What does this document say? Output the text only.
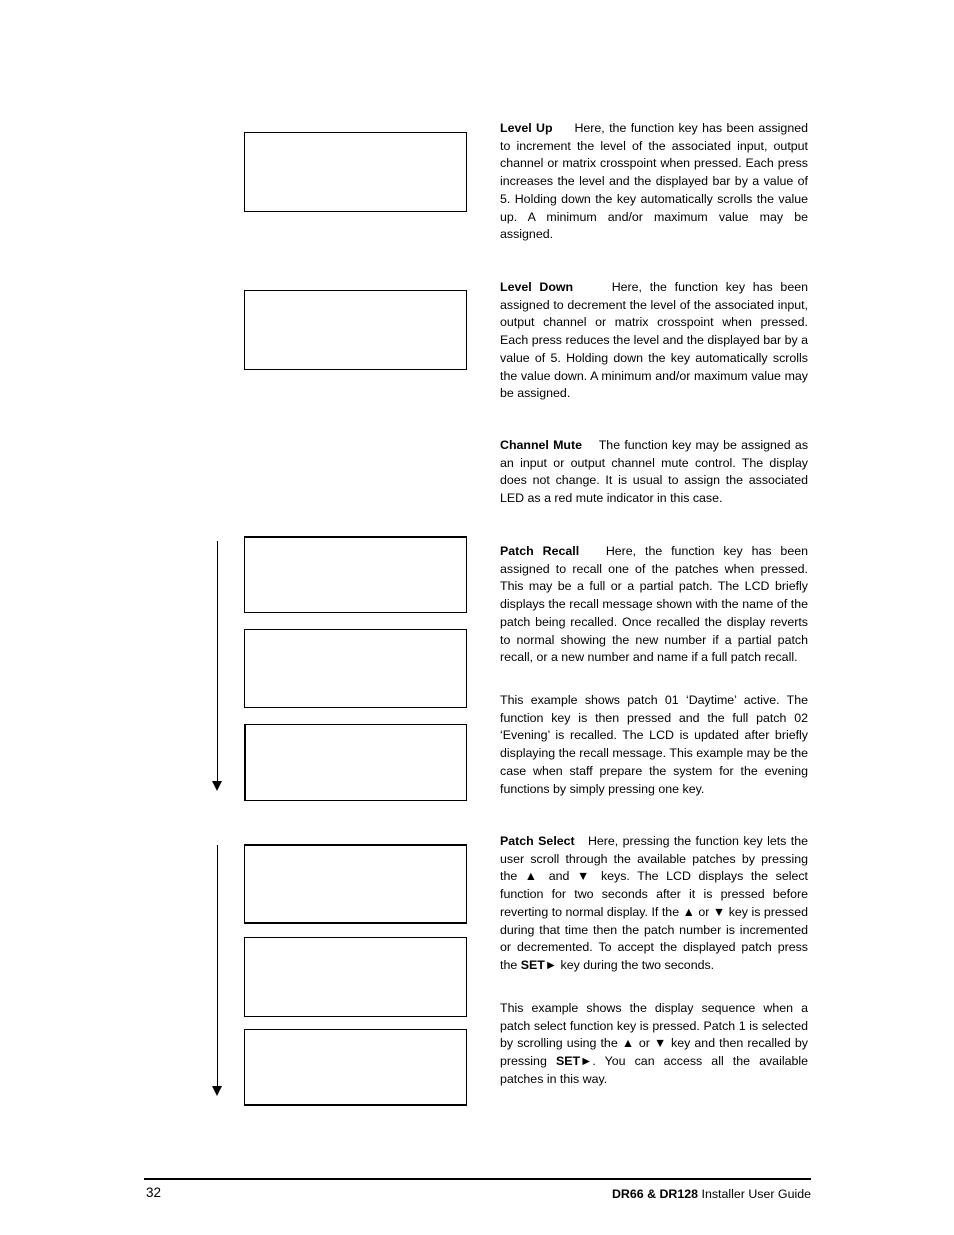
Level Up Here, the function key has been assigned to increment the level of the associated input, output channel or matrix crosspoint when pressed. Each press increases the level and the displayed bar by a value of 5. Holding down the key automatically scrolls the value up. A minimum and/or maximum value may be assigned.

Level Down	Here, the function key has been assigned to decrement the level of the associated input, output channel or matrix crosspoint when pressed. Each press reduces the level and the displayed bar by a value of 5. Holding down the key automatically scrolls the value down. A minimum and/or maximum value may be assigned.
Channel Mute The function key may be assigned as an input or output channel mute control. The display does not change. It is usual to assign the associated LED as a red mute indicator in this case.

Patch Recall Here, the function key has been assigned to recall one of the patches when pressed. This may be a full or a partial patch. The LCD briefly displays the recall message shown with the name of the patch being recalled. Once recalled the display reverts to normal showing the new number if a partial patch recall, or a new number and name if a full patch recall.
This example shows patch 01 ‘Daytime’ active. The function key is then pressed and the full patch 02 ‘Evening’ is recalled. The LCD is updated after briefly displaying the recall message. This example may be the case when staff prepare the system for the evening functions by simply pressing one key.

Patch Select Here, pressing the function key lets the user scroll through the available patches by pressing the ▲ and ▼ keys. The LCD displays the select function for two seconds after it is pressed before reverting to normal display. If the ▲ or ▼ key is pressed during that time then the patch number is incremented or decremented. To accept the displayed patch press the SET► key during the two seconds.
This example shows the display sequence when a patch select function key is pressed. Patch 1 is selected by scrolling using the ▲ or ▼ key and then recalled by pressing SET►. You can access all the available patches in this way.
32	DR66 & DR128 Installer User Guide
